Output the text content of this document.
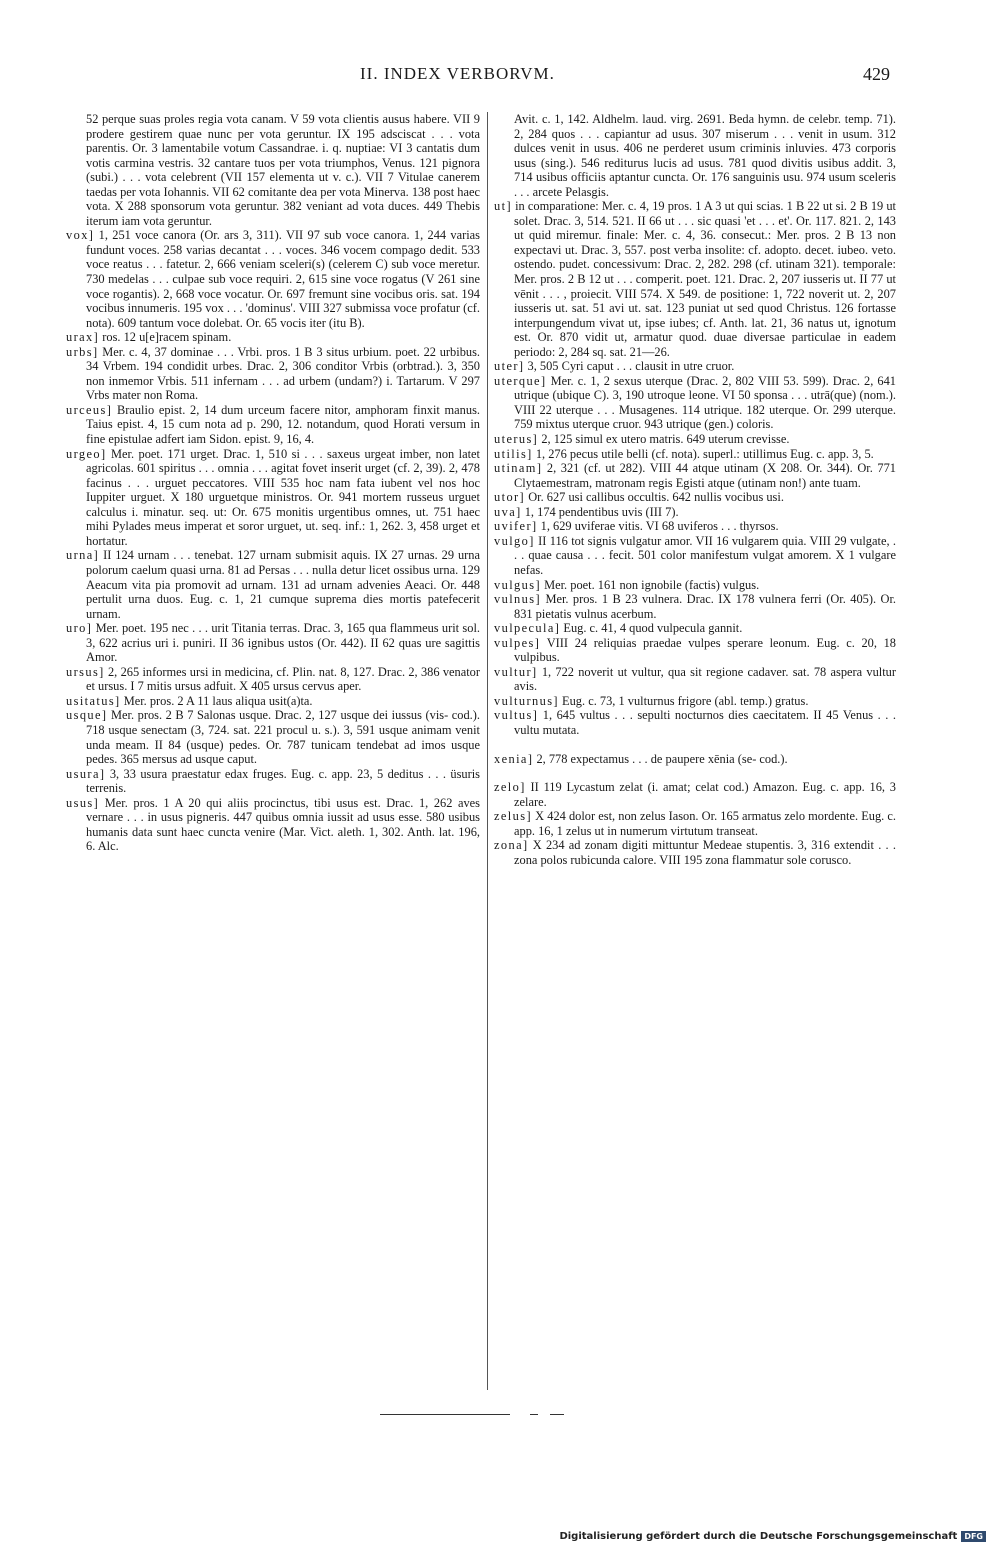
II. INDEX VERBORVM.	429

52 perque suas proles regia vota canam. V 59 vota clientis ausus habere. VII 9 prodere gestirem quae nunc per vota geruntur. IX 195 adsciscat . . . vota parentis. Or. 3 lamentabile votum Cassandrae. i. q. nuptiae: VI 3 cantatis dum votis carmina vestris. 32 cantare tuos per vota triumphos, Venus. 121 pignora (subi.) . . . vota celebrent (VII 157 elementa ut v. c.). VII 7 Vitulae canerem taedas per vota Iohannis. VII 62 comitante dea per vota Minerva. 138 post haec vota. X 288 sponsorum vota geruntur. 382 veniant ad vota duces. 449 Thebis iterum iam vota geruntur.

vox] 1, 251 voce canora (Or. ars 3, 311). VII 97 sub voce canora. 1, 244 varias fundunt voces. 258 varias decantat . . . voces. 346 vocem compago dedit. 533 voce reatus . . . fatetur. 2, 666 veniam sceleri(s) (celerem C) sub voce meretur. 730 medelas . . . culpae sub voce requiri. 2, 615 sine voce rogatus (V 261 sine voce rogantis). 2, 668 voce vocatur. Or. 697 fremunt sine vocibus oris. sat. 194 vocibus innumeris. 195 vox . . . 'dominus'. VIII 327 submissa voce profatur (cf. nota). 609 tantum voce dolebat. Or. 65 vocis iter (itu B).

urax] ros. 12 u[e]racem spinam.

urbs] Mer. c. 4, 37 dominae . . . Vrbi. pros. 1 B 3 situs urbium. poet. 22 urbibus. 34 Vrbem. 194 condidit urbes. Drac. 2, 306 conditor Vrbis (orbtrad.). 3, 350 non inmemor Vrbis. 511 infernam . . . ad urbem (undam?) i. Tartarum. V 297 Vrbs mater non Roma.

urceus] Braulio epist. 2, 14 dum urceum facere nitor, amphoram finxit manus. Taius epist. 4, 15 cum nota ad p. 290, 12. notandum, quod Horati versum in fine epistulae adfert iam Sidon. epist. 9, 16, 4.

urgeo] Mer. poet. 171 urget. Drac. 1, 510 si . . . saxeus urgeat imber, non latet agricolas. 601 spiritus . . . omnia . . . agitat fovet inserit urget (cf. 2, 39). 2, 478 facinus . . . urguet peccatores. VIII 535 hoc nam fata iubent vel nos hoc Iuppiter urguet. X 180 urguetque ministros. Or. 941 mortem russeus urguet calculus i. minatur. seq. ut: Or. 675 monitis urgentibus omnes, ut. 751 haec mihi Pylades meus imperat et soror urguet, ut. seq. inf.: 1, 262. 3, 458 urget et hortatur.

urna] II 124 urnam . . . tenebat. 127 urnam submisit aquis. IX 27 urnas. 29 urna polorum caelum quasi urna. 81 ad Persas . . . nulla detur licet ossibus urna. 129 Aeacum vita pia promovit ad urnam. 131 ad urnam advenies Aeaci. Or. 448 pertulit urna duos. Eug. c. 1, 21 cumque suprema dies mortis patefecerit urnam.

uro] Mer. poet. 195 nec . . . urit Titania terras. Drac. 3, 165 qua flammeus urit sol. 3, 622 acrius uri i. puniri. II 36 ignibus ustos (Or. 442). II 62 quas ure sagittis Amor.

ursus] 2, 265 informes ursi in medicina, cf. Plin. nat. 8, 127. Drac. 2, 386 venator et ursus. I 7 mitis ursus adfuit. X 405 ursus cervus aper.

usitatus] Mer. pros. 2 A 11 laus aliqua usit(a)ta.

usque] Mer. pros. 2 B 7 Salonas usque. Drac. 2, 127 usque dei iussus (vis- cod.). 718 usque senectam (3, 724. sat. 221 procul u. s.). 3, 591 usque animam venit unda meam. II 84 (usque) pedes. Or. 787 tunicam tendebat ad imos usque pedes. 365 mersus ad usque caput.

usura] 3, 33 usura praestatur edax fruges. Eug. c. app. 23, 5 deditus . . . üsuris terrenis.

usus] Mer. pros. 1 A 20 qui aliis procinctus, tibi usus est. Drac. 1, 262 aves vernare . . . in usus pigneris. 447 quibus omnia iussit ad usus esse. 580 usibus humanis data sunt haec cuncta venire (Mar. Vict. aleth. 1, 302. Anth. lat. 196, 6. Alc.

Avit. c. 1, 142. Aldhelm. laud. virg. 2691. Beda hymn. de celebr. temp. 71). 2, 284 quos . . . capiantur ad usus. 307 miserum . . . venit in usum. 312 dulces venit in usus. 406 ne perderet usum criminis inluvies. 473 corporis usus (sing.). 546 rediturus lucis ad usus. 781 quod divitis usibus addit. 3, 714 usibus officiis aptantur cuncta. Or. 176 sanguinis usu. 974 usum sceleris . . . arcete Pelasgis.

ut] in comparatione: Mer. c. 4, 19 pros. 1 A 3 ut qui scias. 1 B 22 ut si. 2 B 19 ut solet. Drac. 3, 514. 521. II 66 ut . . . sic quasi 'et . . . et'. Or. 117. 821. 2, 143 ut quid miremur. finale: Mer. c. 4, 36. consecut.: Mer. pros. 2 B 13 non expectavi ut. Drac. 3, 557. post verba insolite: cf. adopto. decet. iubeo. veto. ostendo. pudet. concessivum: Drac. 2, 282. 298 (cf. utinam 321). temporale: Mer. pros. 2 B 12 ut . . . comperit. poet. 121. Drac. 2, 207 iusseris ut. II 77 ut vēnit . . . , proiecit. VIII 574. X 549. de positione: 1, 722 noverit ut. 2, 207 iusseris ut. sat. 51 avi ut. sat. 123 puniat ut sed quod Christus. 126 fortasse interpungendum vivat ut, ipse iubes; cf. Anth. lat. 21, 36 natus ut, ignotum est. Or. 870 vidit ut, armatur quod. duae diversae particulae in eadem periodo: 2, 284 sq. sat. 21—26.

uter] 3, 505 Cyri caput . . . clausit in utre cruor.

uterque] Mer. c. 1, 2 sexus uterque (Drac. 2, 802 VIII 53. 599). Drac. 2, 641 utrique (ubique C). 3, 190 utroque leone. VI 50 sponsa . . . utrā(que) (nom.). VIII 22 uterque . . . Musagenes. 114 utrique. 182 uterque. Or. 299 uterque. 759 mixtus uterque cruor. 943 utrique (gen.) coloris.

uterus] 2, 125 simul ex utero matris. 649 uterum crevisse.

utilis] 1, 276 pecus utile belli (cf. nota). superl.: utillimus Eug. c. app. 3, 5.

utinam] 2, 321 (cf. ut 282). VIII 44 atque utinam (X 208. Or. 344). Or. 771 Clytaemestram, matronam regis Egisti atque (utinam non!) ante tuam.

utor] Or. 627 usi callibus occultis. 642 nullis vocibus usi.

uva] 1, 174 pendentibus uvis (III 7).

uvifer] 1, 629 uviferae vitis. VI 68 uviferos . . . thyrsos.

vulgo] II 116 tot signis vulgatur amor. VII 16 vulgarem quia. VIII 29 vulgate, . . . quae causa . . . fecit. 501 color manifestum vulgat amorem. X 1 vulgare nefas.

vulgus] Mer. poet. 161 non ignobile (factis) vulgus.

vulnus] Mer. pros. 1 B 23 vulnera. Drac. IX 178 vulnera ferri (Or. 405). Or. 831 pietatis vulnus acerbum.

vulpecula] Eug. c. 41, 4 quod vulpecula gannit.

vulpes] VIII 24 reliquias praedae vulpes sperare leonum. Eug. c. 20, 18 vulpibus.

vultur] 1, 722 noverit ut vultur, qua sit regione cadaver. sat. 78 aspera vultur avis.

vulturnus] Eug. c. 73, 1 vulturnus frigore (abl. temp.) gratus.

vultus] 1, 645 vultus . . . sepulti nocturnos dies caecitatem. II 45 Venus . . . vultu mutata.

xenia] 2, 778 expectamus . . . de paupere xēnia (se- cod.).

zelo] II 119 Lycastum zelat (i. amat; celat cod.) Amazon. Eug. c. app. 16, 3 zelare.

zelus] X 424 dolor est, non zelus Iason. Or. 165 armatus zelo mordente. Eug. c. app. 16, 1 zelus ut in numerum virtutum transeat.

zona] X 234 ad zonam digiti mittuntur Medeae stupentis. 3, 316 extendit . . . zona polos rubicunda calore. VIII 195 zona flammatur sole corusco.

Digitalisierung gefördert durch die Deutsche Forschungsgemeinschaft DFG
